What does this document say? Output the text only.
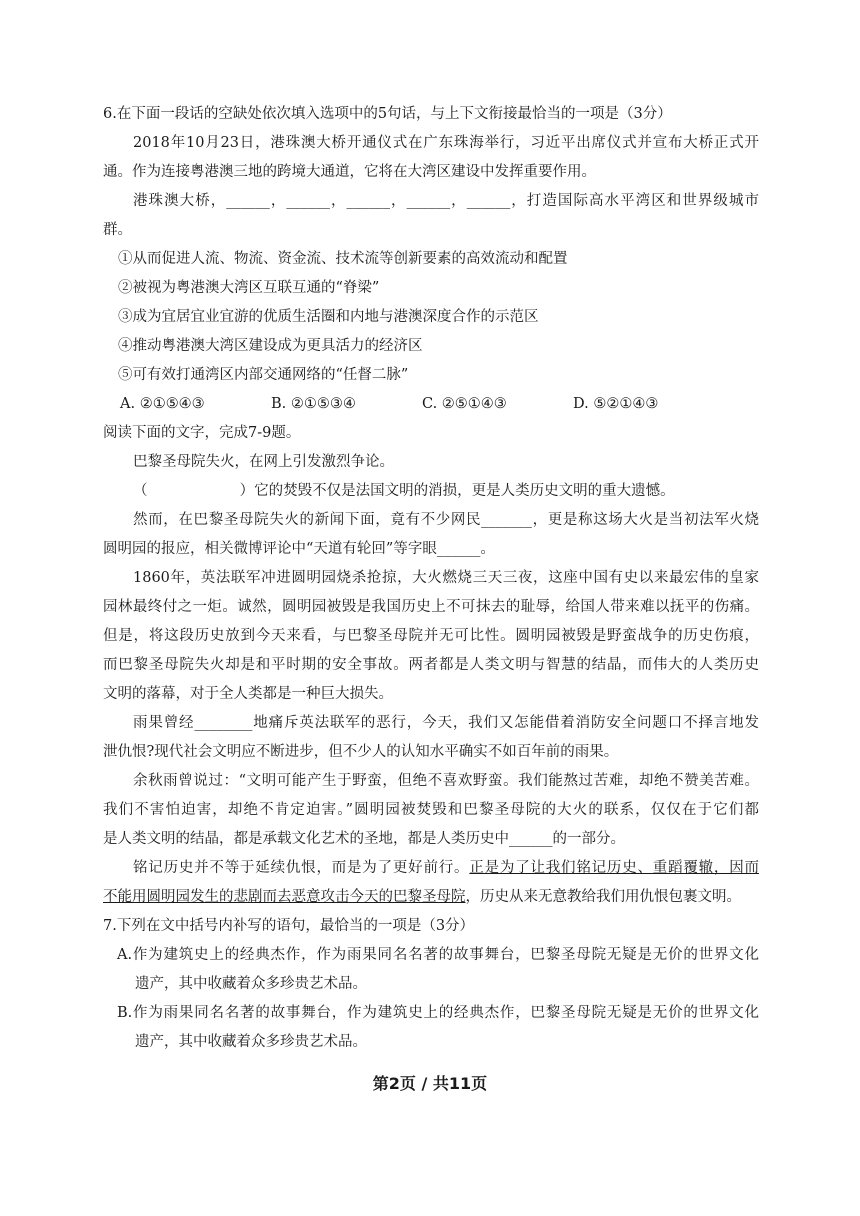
6.在下面一段话的空缺处依次填入选项中的5句话，与上下文衔接最恰当的一项是（3分）
2018年10月23日，港珠澳大桥开通仪式在广东珠海举行，习近平出席仪式并宣布大桥正式开
通。作为连接粤港澳三地的跨境大通道，它将在大湾区建设中发挥重要作用。
港珠澳大桥，______，______，______，______，______，打造国际高水平湾区和世界级城市
群。
①从而促进人流、物流、资金流、技术流等创新要素的高效流动和配置
②被视为粤港澳大湾区互联互通的“脊梁”
③成为宜居宜业宜游的优质生活圈和内地与港澳深度合作的示范区
④推动粤港澳大湾区建设成为更具活力的经济区
⑤可有效打通湾区内部交通网络的“任督二脉”
A. ②①⑤④③	B. ②①⑤③④	C. ②⑤①④③	D. ⑤②①④③
阅读下面的文字，完成7-9题。
巴黎圣母院失火，在网上引发激烈争论。
（                    ）它的焚毁不仅是法国文明的消损，更是人类历史文明的重大遗憾。
然而，在巴黎圣母院失火的新闻下面，竟有不少网民_______，更是称这场大火是当初法军火烧
圆明园的报应，相关微博评论中“天道有轮回”等字眼______。
1860年，英法联军冲进圆明园烧杀抢掠，大火燃烧三天三夜，这座中国有史以来最宏伟的皇家
园林最终付之一炬。诚然，圆明园被毁是我国历史上不可抹去的耻辱，给国人带来难以抚平的伤痛。
但是，将这段历史放到今天来看，与巴黎圣母院并无可比性。圆明园被毁是野蛮战争的历史伤痕，
而巴黎圣母院失火却是和平时期的安全事故。两者都是人类文明与智慧的结晶，而伟大的人类历史
文明的落幕，对于全人类都是一种巨大损失。
雨果曾经________地痛斥英法联军的恶行，今天，我们又怎能借着消防安全问题口不择言地发
泄仇恨?现代社会文明应不断进步，但不少人的认知水平确实不如百年前的雨果。
余秋雨曾说过：“文明可能产生于野蛮，但绝不喜欢野蛮。我们能熬过苦难，却绝不赞美苦难。
我们不害怕迫害，却绝不肯定迫害。”圆明园被焚毁和巴黎圣母院的大火的联系，仅仅在于它们都
是人类文明的结晶，都是承载文化艺术的圣地，都是人类历史中______的一部分。
铭记历史并不等于延续仇恨，而是为了更好前行。正是为了让我们铭记历史、重蹈覆辙，因而
不能用圆明园发生的悲剧而去恶意攻击今天的巴黎圣母院，历史从来无意教给我们用仇恨包裹文明。
7.下列在文中括号内补写的语句，最恰当的一项是（3分）
A.作为建筑史上的经典杰作，作为雨果同名名著的故事舞台，巴黎圣母院无疑是无价的世界文化
遗产，其中收藏着众多珍贵艺术品。
B.作为雨果同名名著的故事舞台，作为建筑史上的经典杰作，巴黎圣母院无疑是无价的世界文化
遗产，其中收藏着众多珍贵艺术品。
第2页 / 共11页
